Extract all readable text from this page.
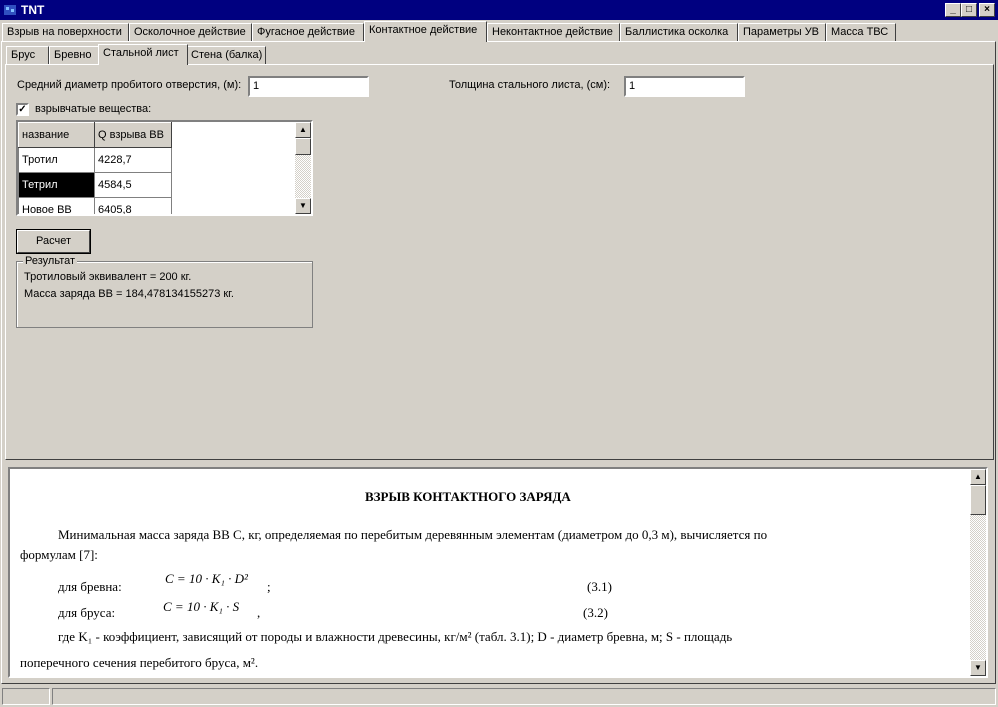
TNT	_	□	×
Взрыв на поверхности	Осколочное действие	Фугасное действие	Контактное действие	Неконтактное действие	Баллистика осколка	Параметры УВ	Масса ТВС
Брус	Бревно	Стальной лист	Стена (балка)
Средний диаметр пробитого отверстия, (м):	1	Толщина стального листа, (см):	1
✓ взрывчатые вещества:
название	Q взрыва ВВ
Тротил	4228,7
Тетрил	4584,5
Новое ВВ	6405,8
▲
▼
Расчет
Результат
Тротиловый эквивалент = 200 кг.
Масса заряда ВВ = 184,478134155273 кг.
ВЗРЫВ КОНТАКТНОГО ЗАРЯДА
Минимальная масса заряда ВВ С, кг, определяемая по перебитым деревянным элементам (диаметром до 0,3 м), вычисляется по
формулам [7]:
для бревна:
C = 10 · K₁ · D²
;	(3.1)
для бруса:	C = 10 · K₁ · S ,	(3.2)
где K₁ - коэффициент, зависящий от породы и влажности древесины, кг/м² (табл. 3.1); D - диаметр бревна, м; S - площадь
поперечного сечения перебитого бруса, м².
▲
▼
